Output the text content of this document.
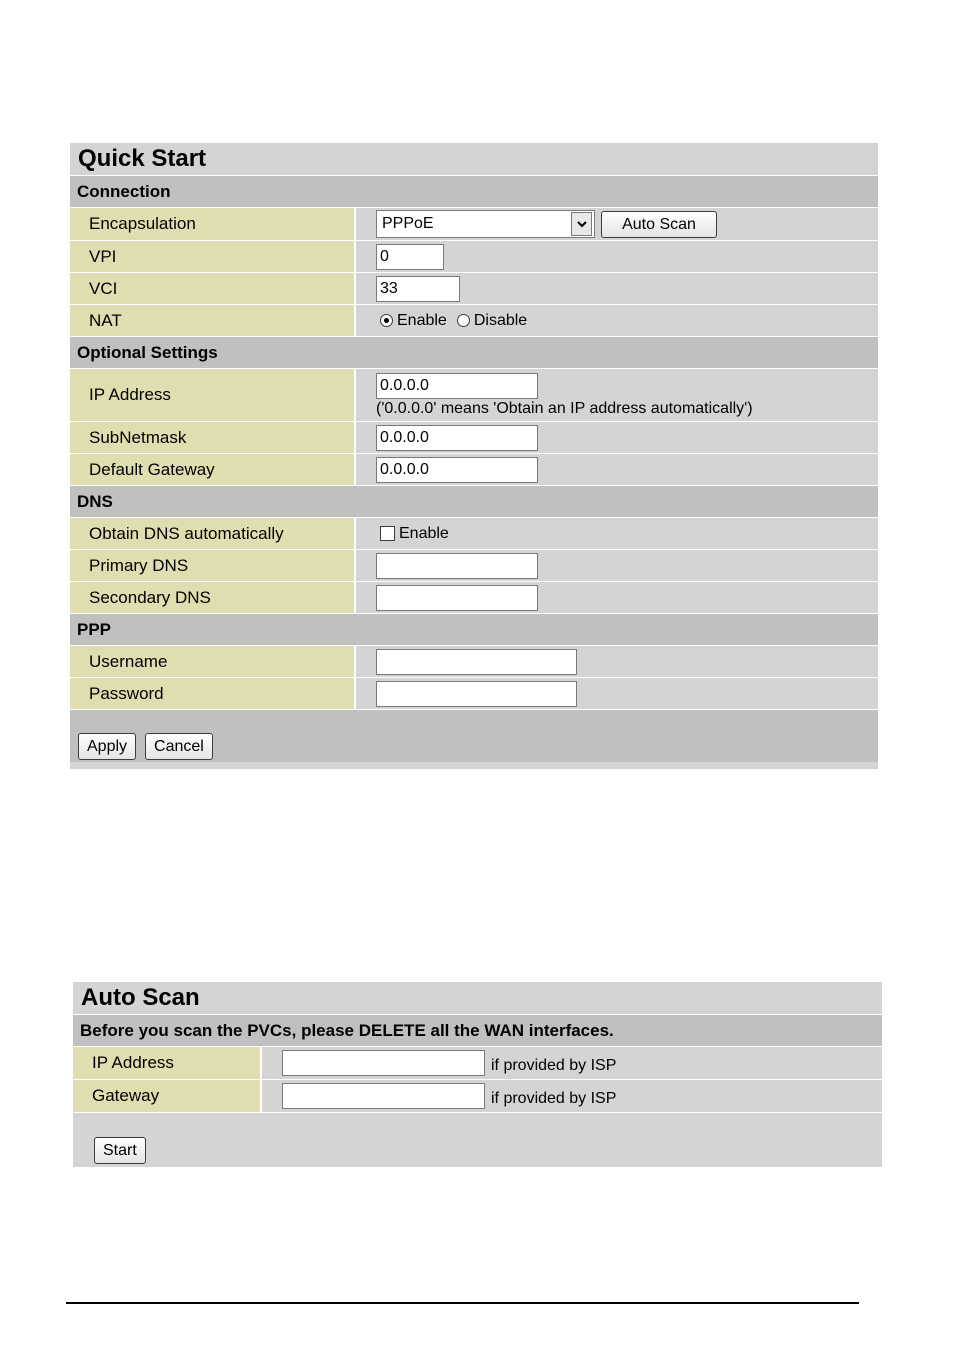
Quick Start
Connection
Encapsulation	PPPoE	Auto Scan
VPI	0
VCI	33
NAT	Enable Disable
Optional Settings
IP Address	0.0.0.0
('0.0.0.0' means 'Obtain an IP address automatically')
SubNetmask	0.0.0.0
Default Gateway	0.0.0.0
DNS
Obtain DNS automatically	Enable
Primary DNS
Secondary DNS
PPP
Username
Password
Apply	Cancel
Auto Scan
Before you scan the PVCs, please DELETE all the WAN interfaces.
IP Address	if provided by ISP
Gateway	if provided by ISP
Start
